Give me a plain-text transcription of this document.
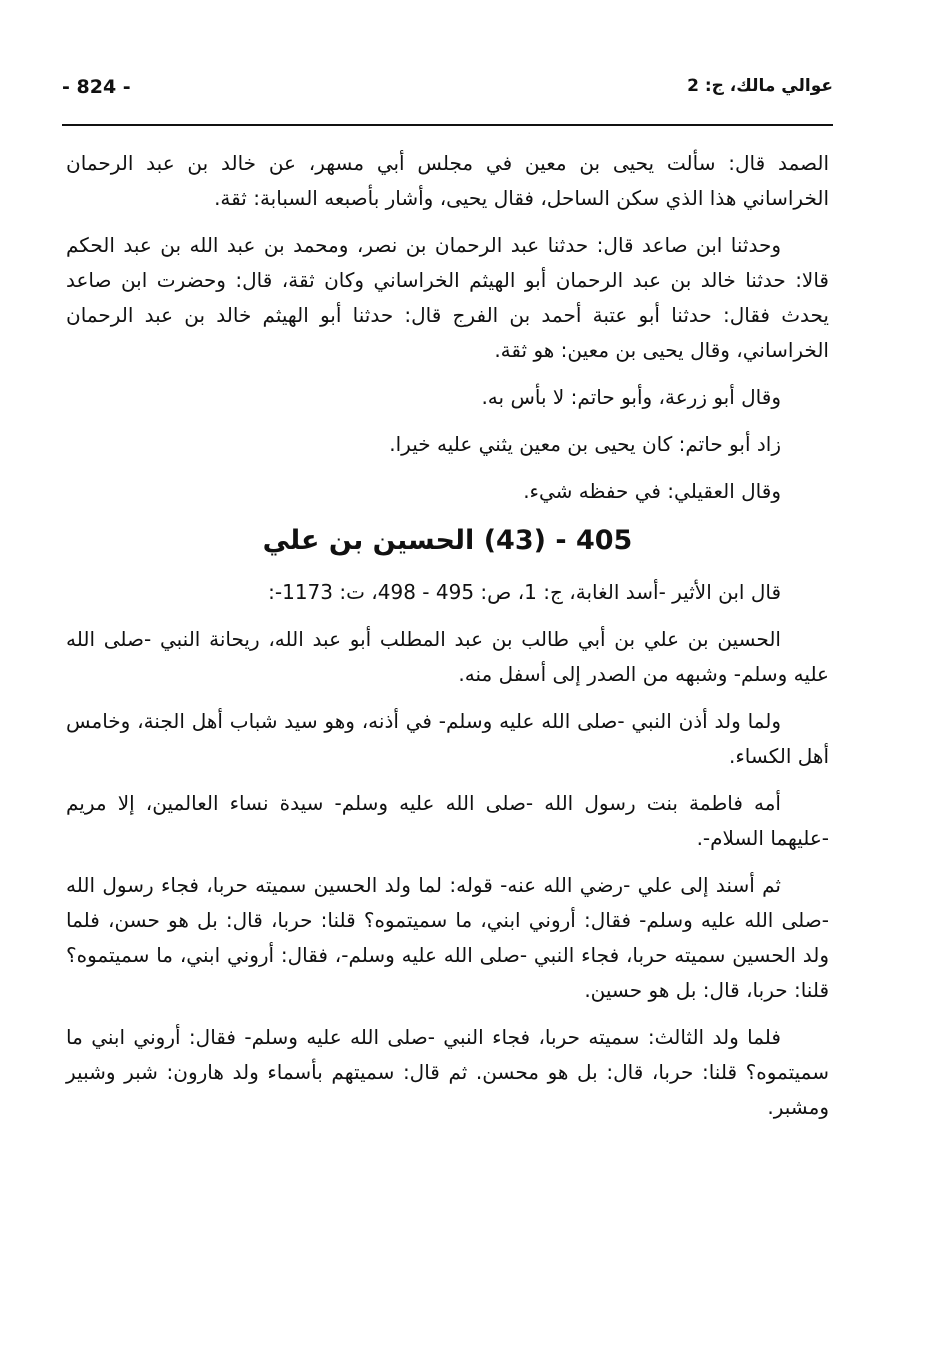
- 824 -	عوالي مالك، ج: 2

الصمد قال: سألت يحيى بن معين في مجلس أبي مسهر، عن خالد بن عبد الرحمان الخراساني هذا الذي سكن الساحل، فقال يحيى، وأشار بأصبعه السبابة: ثقة.

وحدثنا ابن صاعد قال: حدثنا عبد الرحمان بن نصر، ومحمد بن عبد الله بن عبد الحكم قالا: حدثنا خالد بن عبد الرحمان أبو الهيثم الخراساني وكان ثقة، قال: وحضرت ابن صاعد يحدث فقال: حدثنا أبو عتبة أحمد بن الفرج قال: حدثنا أبو الهيثم خالد بن عبد الرحمان الخراساني، وقال يحيى بن معين: هو ثقة.

وقال أبو زرعة، وأبو حاتم: لا بأس به.

زاد أبو حاتم: كان يحيى بن معين يثني عليه خيرا.

وقال العقيلي: في حفظه شيء.

405 - (43) الحسين بن علي

قال ابن الأثير -أسد الغابة، ج: 1، ص: 495 - 498، ت: 1173-:

الحسين بن علي بن أبي طالب بن عبد المطلب أبو عبد الله، ريحانة النبي -صلى الله عليه وسلم- وشبهه من الصدر إلى أسفل منه.

ولما ولد أذن النبي -صلى الله عليه وسلم- في أذنه، وهو سيد شباب أهل الجنة، وخامس أهل الكساء.

أمه فاطمة بنت رسول الله -صلى الله عليه وسلم- سيدة نساء العالمين، إلا مريم -عليهما السلام-.

ثم أسند إلى علي -رضي الله عنه- قوله: لما ولد الحسين سميته حربا، فجاء رسول الله -صلى الله عليه وسلم- فقال: أروني ابني، ما سميتموه؟ قلنا: حربا، قال: بل هو حسن، فلما ولد الحسين سميته حربا، فجاء النبي -صلى الله عليه وسلم-، فقال: أروني ابني، ما سميتموه؟ قلنا: حربا، قال: بل هو حسين.

فلما ولد الثالث: سميته حربا، فجاء النبي -صلى الله عليه وسلم- فقال: أروني ابني ما سميتموه؟ قلنا: حربا، قال: بل هو محسن. ثم قال: سميتهم بأسماء ولد هارون: شبر وشبير ومشبر.
